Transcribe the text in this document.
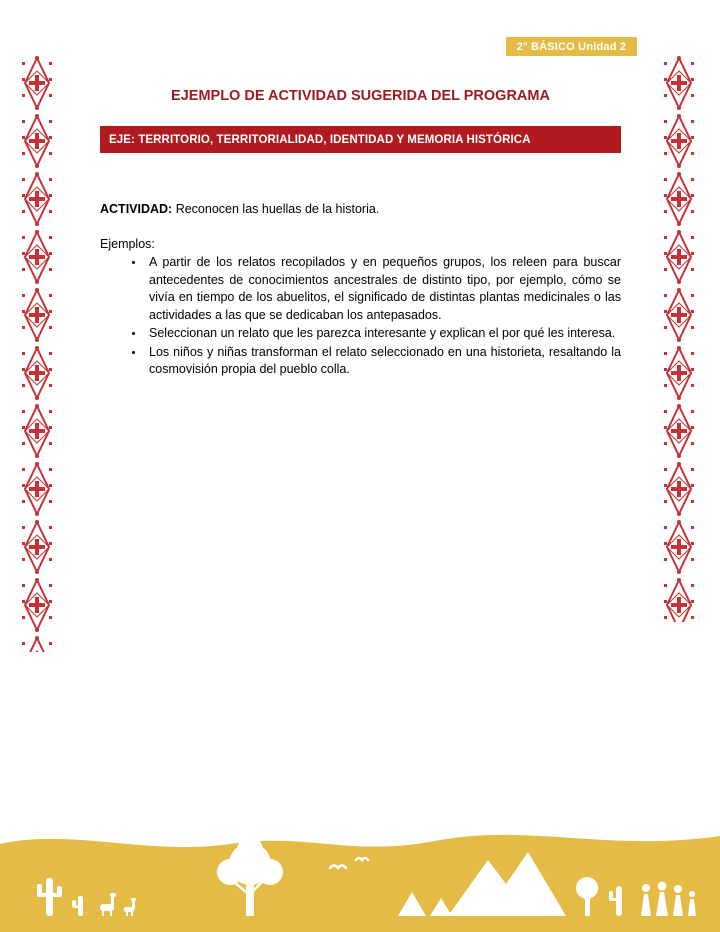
2° BÁSICO Unidad 2
EJEMPLO DE ACTIVIDAD SUGERIDA DEL PROGRAMA
EJE: TERRITORIO, TERRITORIALIDAD, IDENTIDAD Y MEMORIA HISTÓRICA

ACTIVIDAD: Reconocen las huellas de la historia.

Ejemplos:

• A partir de los relatos recopilados y en pequeños grupos, los releen para buscar antecedentes de conocimientos ancestrales de distinto tipo, por ejemplo, cómo se vivía en tiempo de los abuelitos, el significado de distintas plantas medicinales o las actividades a las que se dedicaban los antepasados.
• Seleccionan un relato que les parezca interesante y explican el por qué les interesa.
• Los niños y niñas transforman el relato seleccionado en una historieta, resaltando la cosmovisión propia del pueblo colla.
